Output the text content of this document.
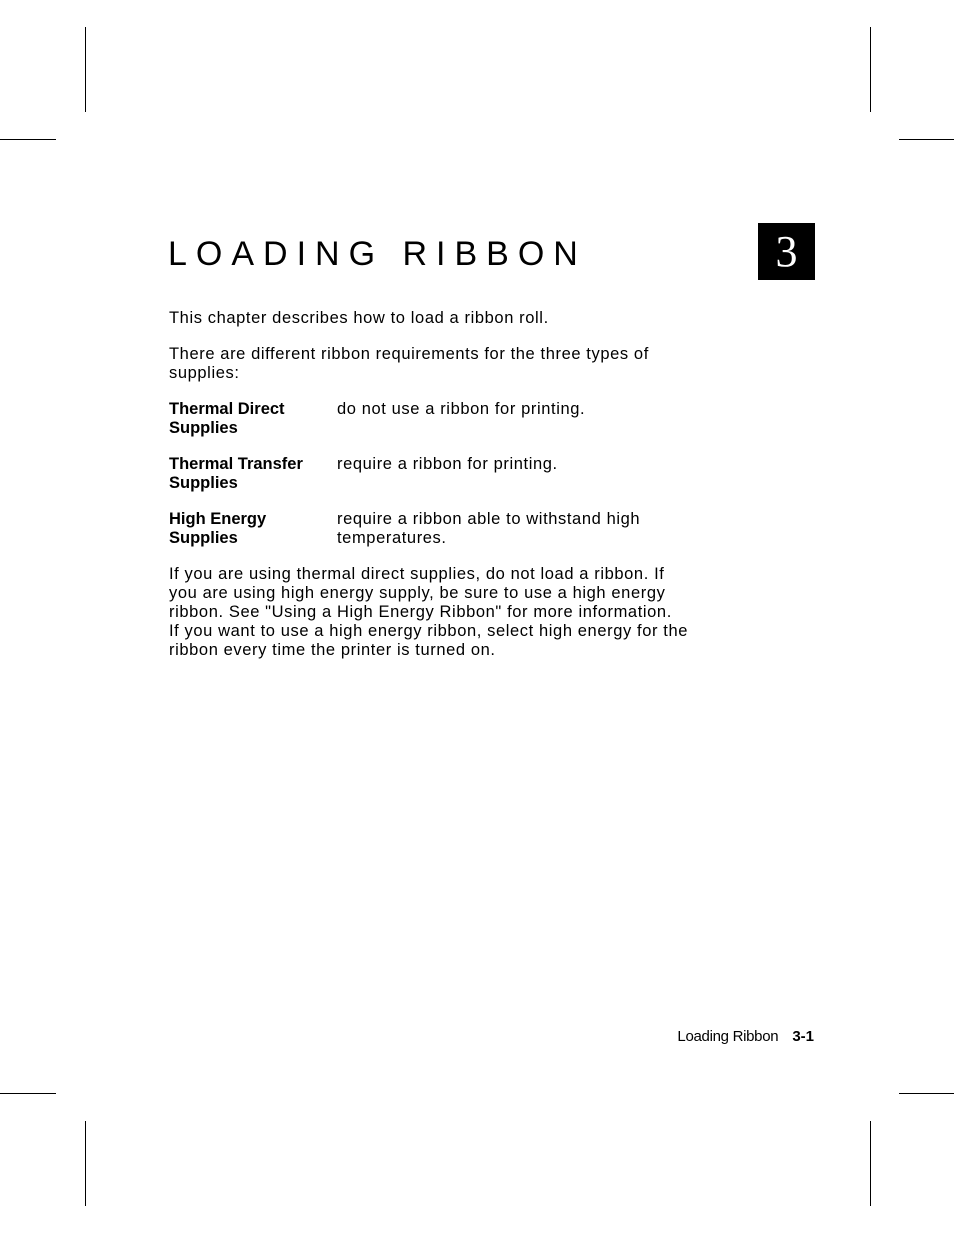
3
LOADING RIBBON

This chapter describes how to load a ribbon roll.

There are different ribbon requirements for the three types of supplies:

Thermal Direct
Supplies

do not use a ribbon for printing.

Thermal Transfer
Supplies

require a ribbon for printing.

High Energy
Supplies

require a ribbon able to withstand high temperatures.

If you are using thermal direct supplies, do not load a ribbon. If
you are using high energy supply, be sure to use a high energy
ribbon. See "Using a High Energy Ribbon" for more information.
If you want to use a high energy ribbon, select high energy for the
ribbon every time the printer is turned on.
Loading Ribbon 3-1
